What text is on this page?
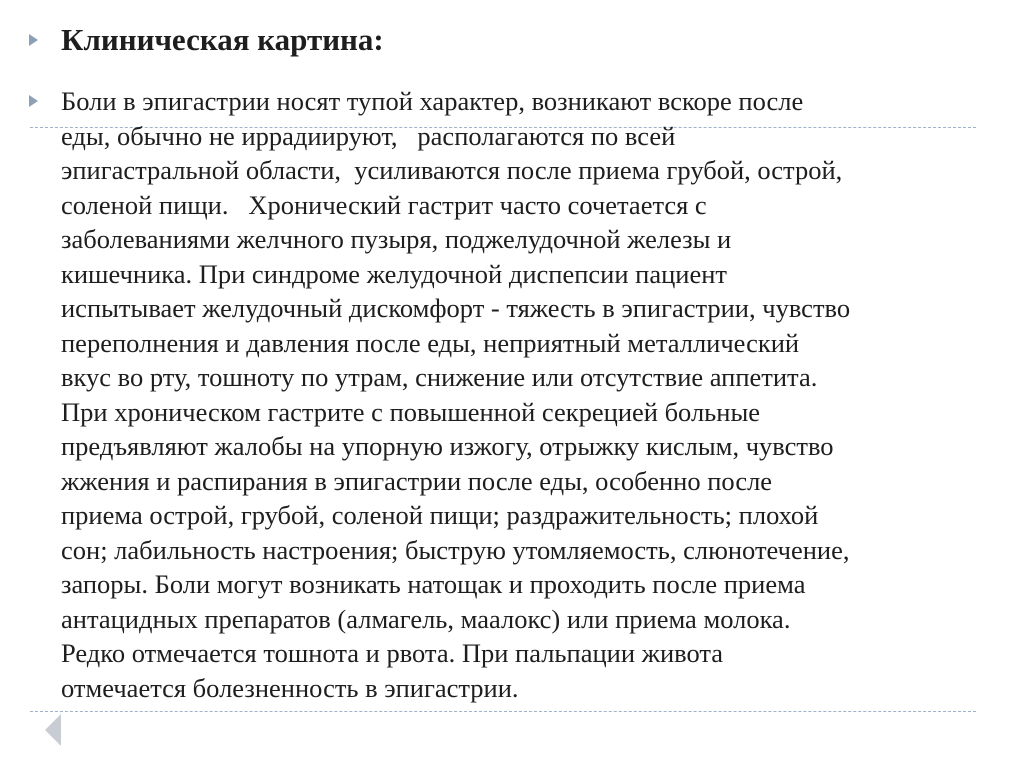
Клиническая картина:
Боли в эпигастрии носят тупой характер, возникают вскоре после
еды, обычно не иррадиируют,   располагаются по всей
эпигастральной области,  усиливаются после приема грубой, острой,
соленой пищи.   Хронический гастрит часто сочетается с
заболеваниями желчного пузыря, поджелудочной железы и
кишечника. При синдроме желудочной диспепсии пациент
испытывает желудочный дискомфорт - тяжесть в эпигастрии, чувство
переполнения и давления после еды, неприятный металлический
вкус во рту, тошноту по утрам, снижение или отсутствие аппетита.
При хроническом гастрите с повышенной секрецией больные
предъявляют жалобы на упорную изжогу, отрыжку кислым, чувство
жжения и распирания в эпигастрии после еды, особенно после
приема острой, грубой, соленой пищи; раздражительность; плохой
сон; лабильность настроения; быструю утомляемость, слюнотечение,
запоры. Боли могут возникать натощак и проходить после приема
антацидных препаратов (алмагель, маалокс) или приема молока.
Редко отмечается тошнота и рвота. При пальпации живота
отмечается болезненность в эпигастрии.
